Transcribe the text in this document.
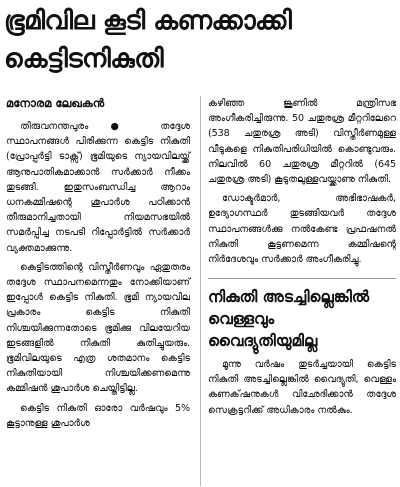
ഭൂമിവില കൂടി കണക്കാക്കി
കെട്ടിടനികുതി
മനോരമ ലേഖകൻ

തിരുവനന്തപുരം ● തദ്ദേശ സ്ഥാപനങ്ങൾ പിരിക്കുന്ന കെട്ടിട നികുതി (പ്രോപ്പർട്ടി ടാക്സ്) ഭൂമിയുടെ ന്യായവിലയ്ക്ക് ആനുപാതികമാക്കാൻ സർക്കാർ നീക്കം തുടങ്ങി. ഇതുസംബന്ധിച്ച ആറാം ധനകമ്മിഷന്റെ ശുപാർശ പഠിക്കാൻ തീരുമാനിച്ചതായി നിയമസഭയിൽ സമർപ്പിച്ച നടപടി റിപ്പോർട്ടിൽ സർക്കാർ വ്യക്തമാക്കുന്നു.

കെട്ടിടത്തിന്റെ വിസ്തീർണവും ഏതുതരം തദ്ദേശ സ്ഥാപനമെന്നതും നോക്കിയാണ് ഇപ്പോൾ കെട്ടിട നികുതി. ഭൂമി ന്യായവില പ്രകാരം കെട്ടിട നികുതി നിശ്ചയിക്കുന്നതോടെ ഭൂമിക്കു വിലയേറിയ ഇടങ്ങളിൽ നികുതി കുതിച്ചുയരും. ഭൂമിവിലയുടെ എത്ര ശതമാനം കെട്ടിട നികുതിയായി നിശ്ചയിക്കണമെന്നു കമ്മിഷൻ ശുപാർശ ചെയ്തിട്ടില്ല.

കെട്ടിട നികുതി ഓരോ വർഷവും 5% കൂട്ടാനുള്ള ശുപാർശ

കഴിഞ്ഞ ജൂണിൽ മന്ത്രിസഭ അംഗീകരിച്ചിരുന്നു. 50 ചതുരശ്ര മീറ്ററിലേറെ (538 ചതുരശ്ര അടി) വിസ്തീർണമുള്ള വീടുകളെ നികുതിപരിധിയിൽ കൊണ്ടുവരും. നിലവിൽ 60 ചതുരശ്ര മീറ്ററിൽ (645 ചതുരശ്ര അടി) കൂടുതലുള്ളവയ്ക്കാണു നികുതി.

ഡോക്ടർമാർ, അഭിഭാഷകർ, ഉദ്യോഗസ്ഥർ തുടങ്ങിയവർ തദ്ദേശ സ്ഥാപനങ്ങൾക്കു നൽകേണ്ട പ്രഫഷനൽ നികുതി കൂട്ടണമെന്ന കമ്മിഷന്റെ നിർദേശവും സർക്കാർ അംഗീകരിച്ചു.

നികുതി അടച്ചില്ലെങ്കിൽ
വെള്ളവും
വൈദ്യുതിയുമില്ല

മൂന്നു വർഷം തുടർച്ചയായി കെട്ടിട നികുതി അടച്ചില്ലെങ്കിൽ വൈദ്യുതി, വെള്ളം കണക്‌ഷനുകൾ വിഛേദിക്കാൻ തദ്ദേശ സെക്രട്ടറിക്ക് അധികാരം നൽകും.
